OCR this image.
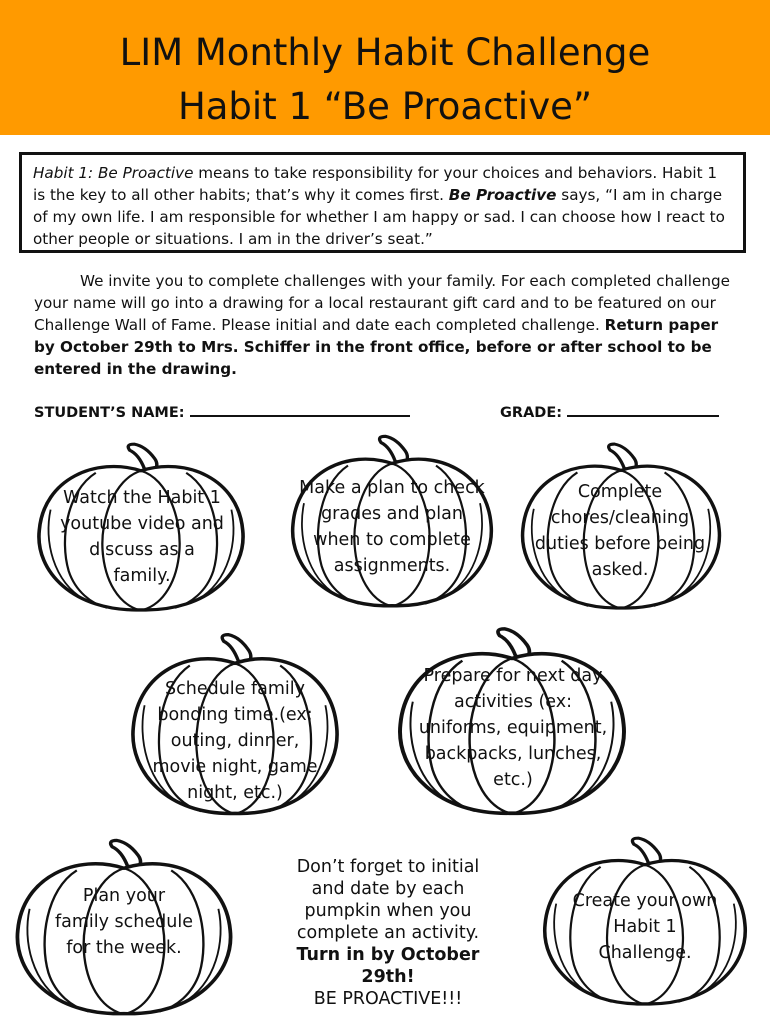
LIM Monthly Habit Challenge
Habit 1 “Be Proactive”
Habit 1: Be Proactive means to take responsibility for your choices and behaviors. Habit 1 is the key to all other habits; that’s why it comes first. Be Proactive says, “I am in charge of my own life. I am responsible for whether I am happy or sad. I can choose how I react to other people or situations. I am in the driver’s seat.”
We invite you to complete challenges with your family. For each completed challenge your name will go into a drawing for a local restaurant gift card and to be featured on our Challenge Wall of Fame. Please initial and date each completed challenge. Return paper by October 29th to Mrs. Schiffer in the front office, before or after school to be entered in the drawing.
STUDENT’S NAME:	GRADE:
Watch the Habit 1 youtube video and discuss as a family.
Make a plan to check grades and plan when to complete assignments.
Complete chores/cleaning duties before being asked.
Schedule family bonding time.(ex: outing, dinner, movie night, game night, etc.)
Prepare for next day activities (ex: uniforms, equipment, backpacks, lunches, etc.)
Plan your family schedule for the week.
Create your own Habit 1 Challenge.
Don’t forget to initial and date by each pumpkin when you complete an activity.
Turn in by October 29th!
BE PROACTIVE!!!
